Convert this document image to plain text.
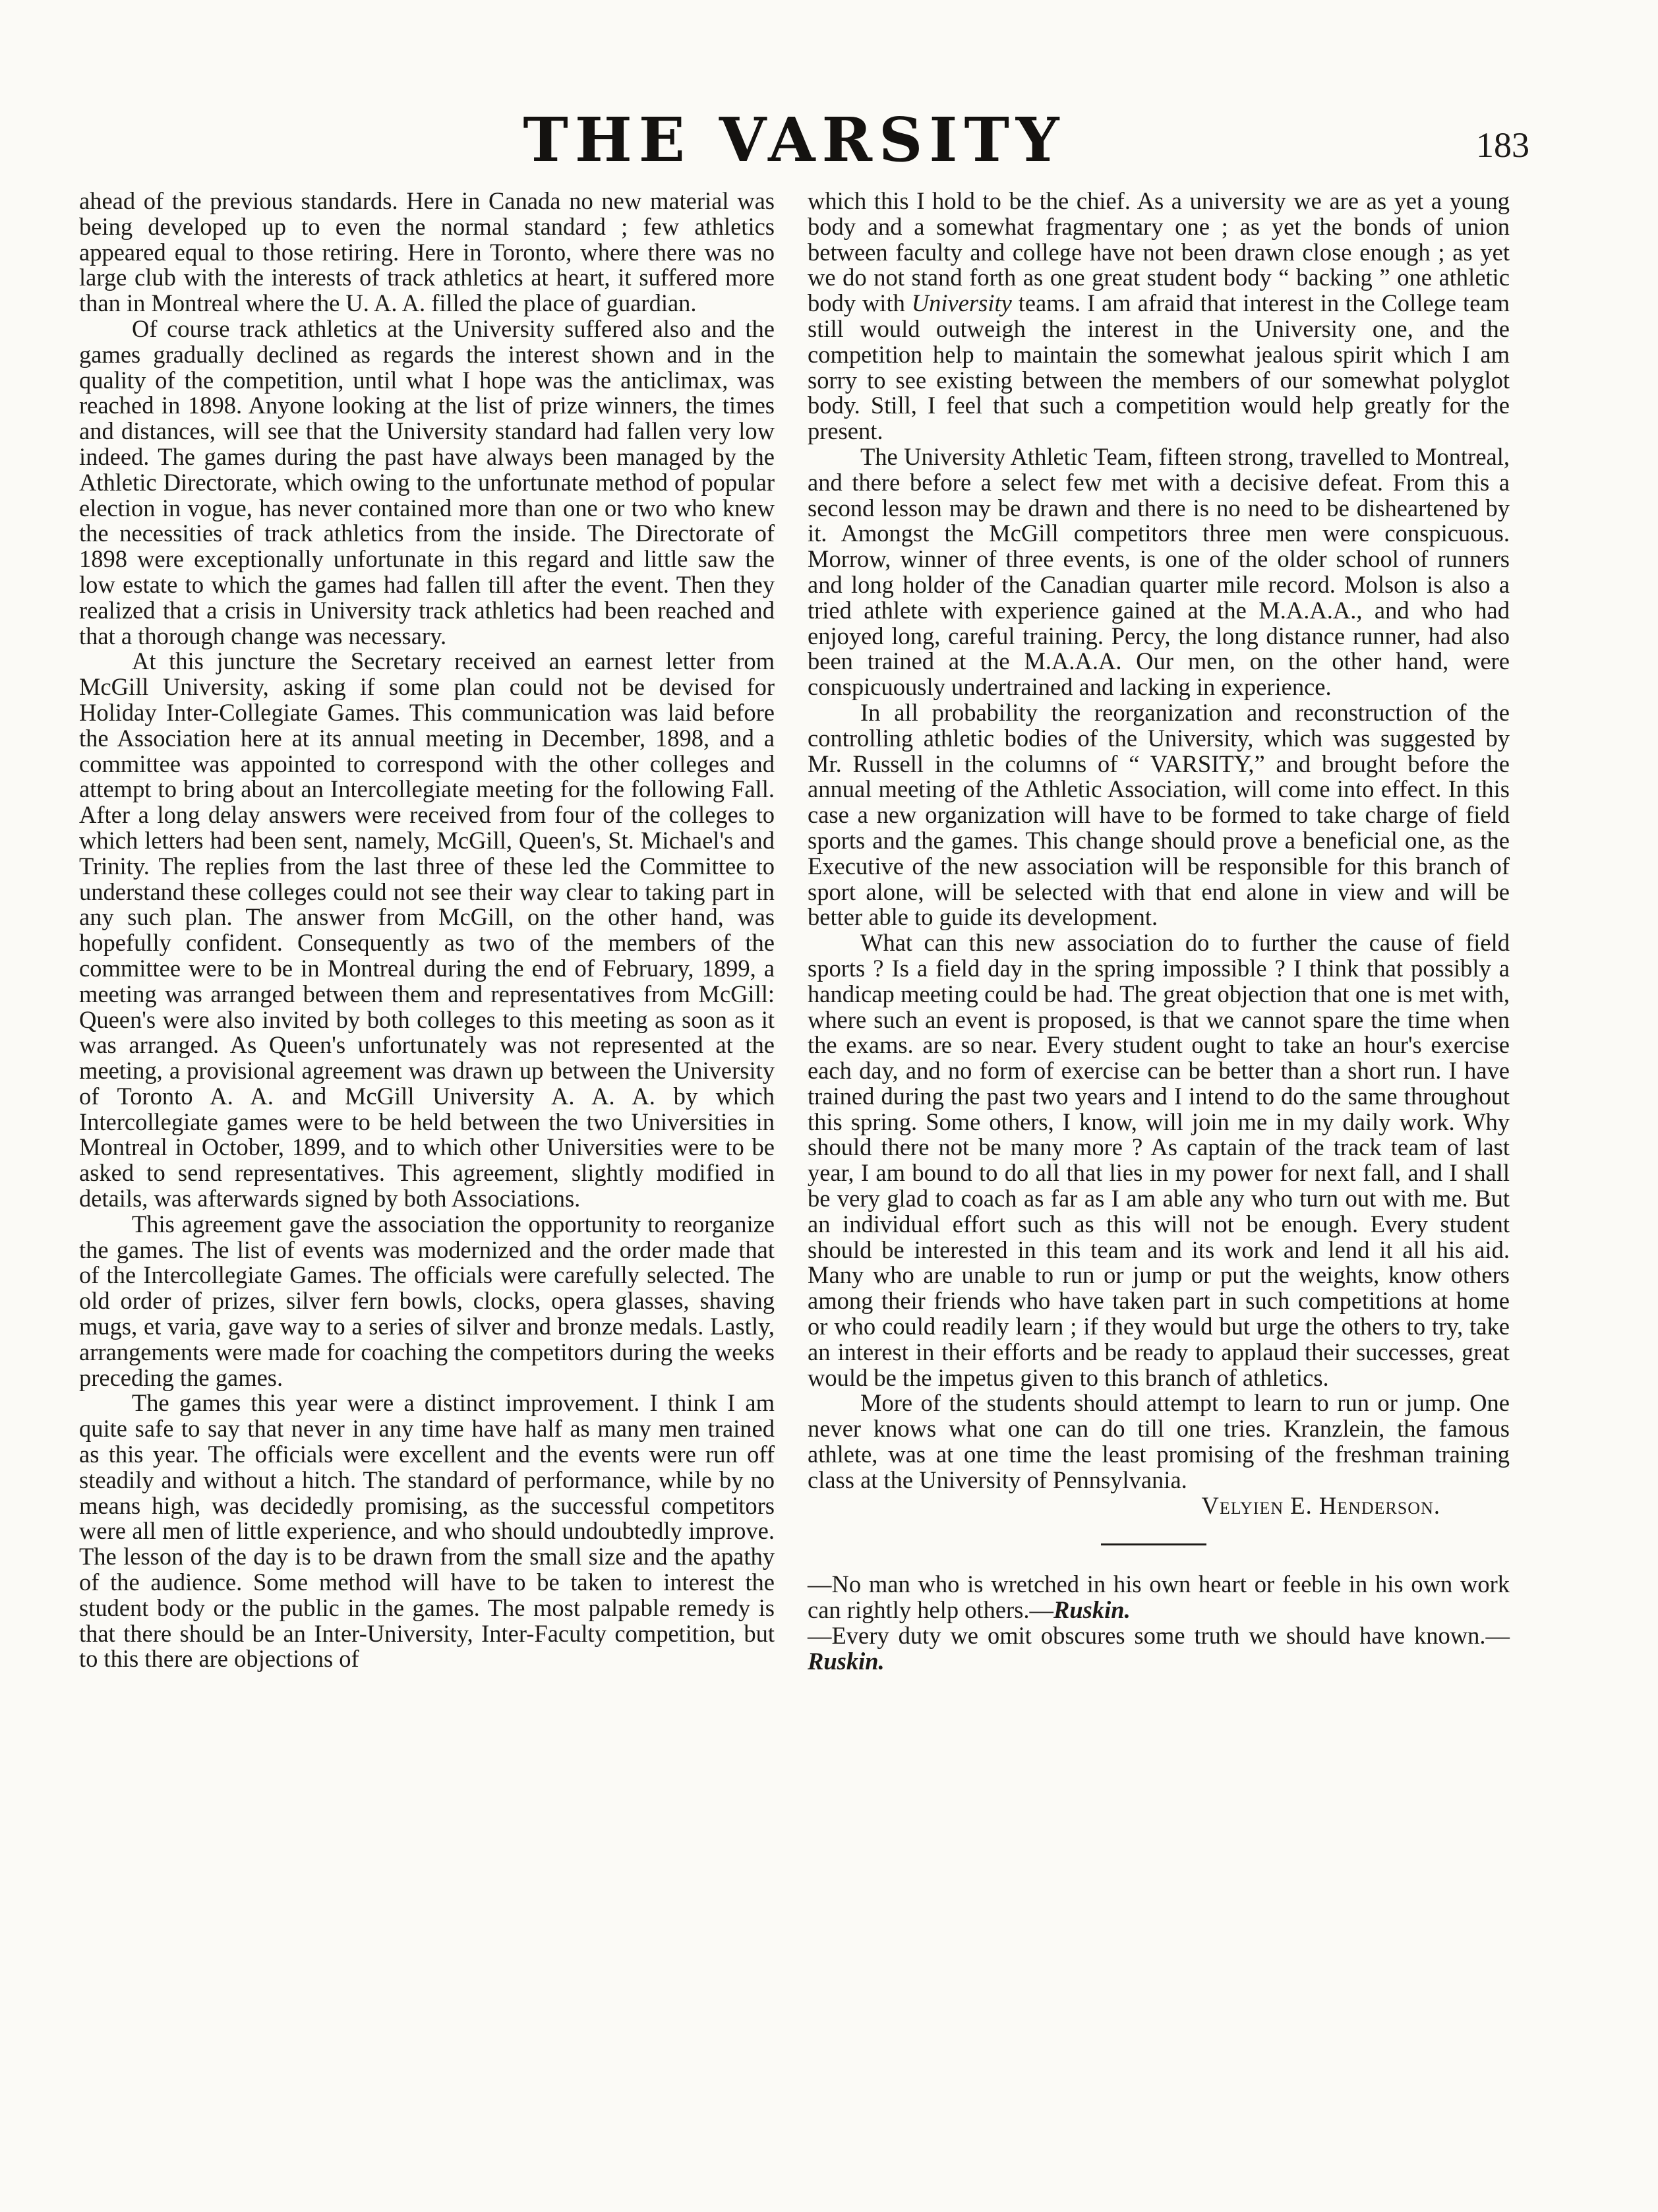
THE VARSITY	183

ahead of the previous standards. Here in Canada no new material was being developed up to even the normal standard ; few athletics appeared equal to those retiring. Here in Toronto, where there was no large club with the interests of track athletics at heart, it suffered more than in Montreal where the U. A. A. filled the place of guardian.

Of course track athletics at the University suffered also and the games gradually declined as regards the interest shown and in the quality of the competition, until what I hope was the anticlimax, was reached in 1898. Anyone looking at the list of prize winners, the times and distances, will see that the University standard had fallen very low indeed. The games during the past have always been managed by the Athletic Directorate, which owing to the unfortunate method of popular election in vogue, has never contained more than one or two who knew the necessities of track athletics from the inside. The Directorate of 1898 were exceptionally unfortunate in this regard and little saw the low estate to which the games had fallen till after the event. Then they realized that a crisis in University track athletics had been reached and that a thorough change was necessary.

At this juncture the Secretary received an earnest letter from McGill University, asking if some plan could not be devised for Holiday Inter-Collegiate Games. This communication was laid before the Association here at its annual meeting in December, 1898, and a committee was appointed to correspond with the other colleges and attempt to bring about an Intercollegiate meeting for the following Fall. After a long delay answers were received from four of the colleges to which letters had been sent, namely, McGill, Queen's, St. Michael's and Trinity. The replies from the last three of these led the Committee to understand these colleges could not see their way clear to taking part in any such plan. The answer from McGill, on the other hand, was hopefully confident. Consequently as two of the members of the committee were to be in Montreal during the end of February, 1899, a meeting was arranged between them and representatives from McGill: Queen's were also invited by both colleges to this meeting as soon as it was arranged. As Queen's unfortunately was not represented at the meeting, a provisional agreement was drawn up between the University of Toronto A. A. and McGill University A. A. A. by which Intercollegiate games were to be held between the two Universities in Montreal in October, 1899, and to which other Universities were to be asked to send representatives. This agreement, slightly modified in details, was afterwards signed by both Associations.

This agreement gave the association the opportunity to reorganize the games. The list of events was modernized and the order made that of the Intercollegiate Games. The officials were carefully selected. The old order of prizes, silver fern bowls, clocks, opera glasses, shaving mugs, et varia, gave way to a series of silver and bronze medals. Lastly, arrangements were made for coaching the competitors during the weeks preceding the games.

The games this year were a distinct improvement. I think I am quite safe to say that never in any time have half as many men trained as this year. The officials were excellent and the events were run off steadily and without a hitch. The standard of performance, while by no means high, was decidedly promising, as the successful competitors were all men of little experience, and who should undoubtedly improve. The lesson of the day is to be drawn from the small size and the apathy of the audience. Some method will have to be taken to interest the student body or the public in the games. The most palpable remedy is that there should be an Inter-University, Inter-Faculty competition, but to this there are objections of

which this I hold to be the chief. As a university we are as yet a young body and a somewhat fragmentary one ; as yet the bonds of union between faculty and college have not been drawn close enough ; as yet we do not stand forth as one great student body “ backing ” one athletic body with University teams. I am afraid that interest in the College team still would outweigh the interest in the University one, and the competition help to maintain the somewhat jealous spirit which I am sorry to see existing between the members of our somewhat polyglot body. Still, I feel that such a competition would help greatly for the present.

The University Athletic Team, fifteen strong, travelled to Montreal, and there before a select few met with a decisive defeat. From this a second lesson may be drawn and there is no need to be disheartened by it. Amongst the McGill competitors three men were conspicuous. Morrow, winner of three events, is one of the older school of runners and long holder of the Canadian quarter mile record. Molson is also a tried athlete with experience gained at the M.A.A.A., and who had enjoyed long, careful training. Percy, the long distance runner, had also been trained at the M.A.A.A. Our men, on the other hand, were conspicuously undertrained and lacking in experience.

In all probability the reorganization and reconstruction of the controlling athletic bodies of the University, which was suggested by Mr. Russell in the columns of “ VARSITY,” and brought before the annual meeting of the Athletic Association, will come into effect. In this case a new organization will have to be formed to take charge of field sports and the games. This change should prove a beneficial one, as the Executive of the new association will be responsible for this branch of sport alone, will be selected with that end alone in view and will be better able to guide its development.

What can this new association do to further the cause of field sports ? Is a field day in the spring impossible ? I think that possibly a handicap meeting could be had. The great objection that one is met with, where such an event is proposed, is that we cannot spare the time when the exams. are so near. Every student ought to take an hour's exercise each day, and no form of exercise can be better than a short run. I have trained during the past two years and I intend to do the same throughout this spring. Some others, I know, will join me in my daily work. Why should there not be many more ? As captain of the track team of last year, I am bound to do all that lies in my power for next fall, and I shall be very glad to coach as far as I am able any who turn out with me. But an individual effort such as this will not be enough. Every student should be interested in this team and its work and lend it all his aid. Many who are unable to run or jump or put the weights, know others among their friends who have taken part in such competitions at home or who could readily learn ; if they would but urge the others to try, take an interest in their efforts and be ready to applaud their successes, great would be the impetus given to this branch of athletics.

More of the students should attempt to learn to run or jump. One never knows what one can do till one tries. Kranzlein, the famous athlete, was at one time the least promising of the freshman training class at the University of Pennsylvania.

Velyien E. Henderson.

—No man who is wretched in his own heart or feeble in his own work can rightly help others.—Ruskin.

—Every duty we omit obscures some truth we should have known.—Ruskin.
